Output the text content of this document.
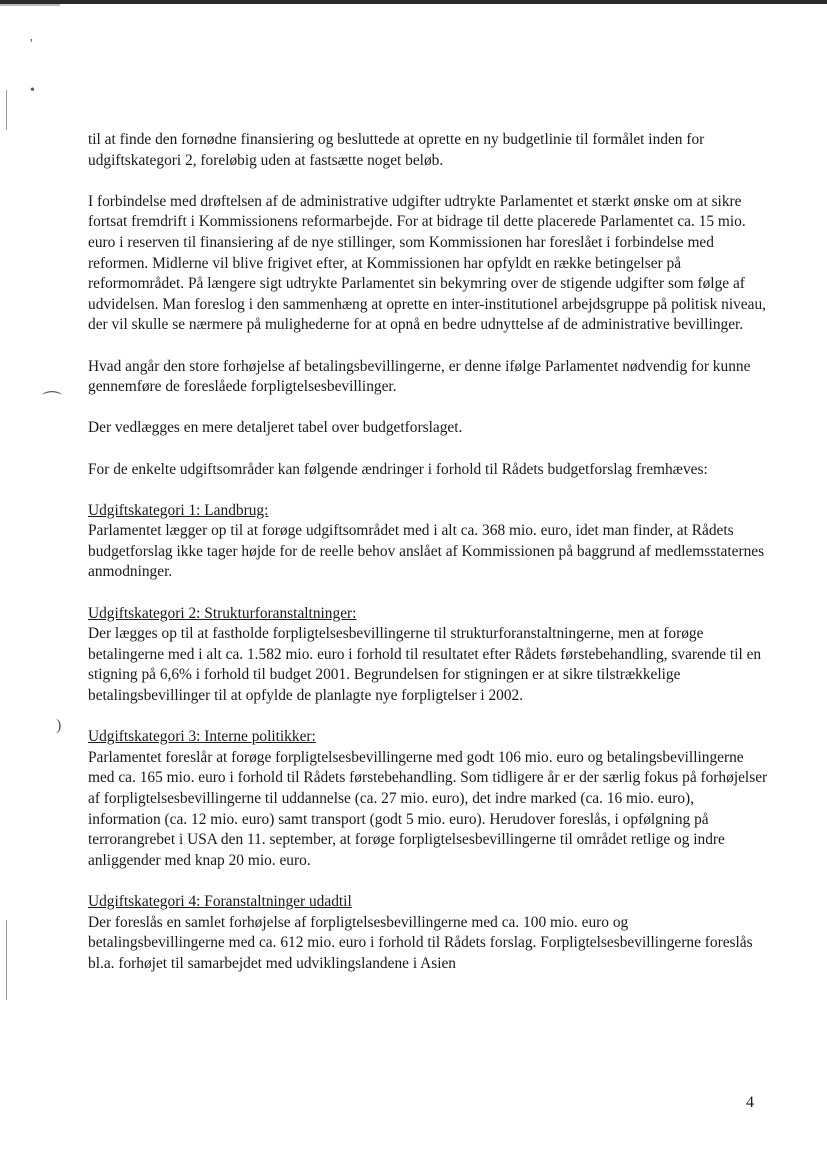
'
•
⌒
)

til at finde den fornødne finansiering og besluttede at oprette en ny budgetlinie til formålet inden for udgiftskategori 2, foreløbig uden at fastsætte noget beløb.

I forbindelse med drøftelsen af de administrative udgifter udtrykte Parlamentet et stærkt ønske om at sikre fortsat fremdrift i Kommissionens reformarbejde. For at bidrage til dette placerede Parlamentet ca. 15 mio. euro i reserven til finansiering af de nye stillinger, som Kommissionen har foreslået i forbindelse med reformen. Midlerne vil blive frigivet efter, at Kommissionen har opfyldt en række betingelser på reformområdet. På længere sigt udtrykte Parlamentet sin bekymring over de stigende udgifter som følge af udvidelsen. Man foreslog i den sammenhæng at oprette en inter-institutionel arbejdsgruppe på politisk niveau, der vil skulle se nærmere på mulighederne for at opnå en bedre udnyttelse af de administrative bevillinger.

Hvad angår den store forhøjelse af betalingsbevillingerne, er denne ifølge Parlamentet nødvendig for kunne gennemføre de foreslåede forpligtelsesbevillinger.

Der vedlægges en mere detaljeret tabel over budgetforslaget.

For de enkelte udgiftsområder kan følgende ændringer i forhold til Rådets budgetforslag fremhæves:

Udgiftskategori 1: Landbrug:
Parlamentet lægger op til at forøge udgiftsområdet med i alt ca. 368 mio. euro, idet man finder, at Rådets budgetforslag ikke tager højde for de reelle behov anslået af Kommissionen på baggrund af medlemsstaternes anmodninger.

Udgiftskategori 2: Strukturforanstaltninger:
Der lægges op til at fastholde forpligtelsesbevillingerne til strukturforanstaltningerne, men at forøge betalingerne med i alt ca. 1.582 mio. euro i forhold til resultatet efter Rådets førstebehandling, svarende til en stigning på 6,6% i forhold til budget 2001. Begrundelsen for stigningen er at sikre tilstrækkelige betalingsbevillinger til at opfylde de planlagte nye forpligtelser i 2002.

Udgiftskategori 3: Interne politikker:
Parlamentet foreslår at forøge forpligtelsesbevillingerne med godt 106 mio. euro og betalingsbevillingerne med ca. 165 mio. euro i forhold til Rådets førstebehandling. Som tidligere år er der særlig fokus på forhøjelser af forpligtelsesbevillingerne til uddannelse (ca. 27 mio. euro), det indre marked (ca. 16 mio. euro), information (ca. 12 mio. euro) samt transport (godt 5 mio. euro). Herudover foreslås, i opfølgning på terrorangrebet i USA den 11. september, at forøge forpligtelsesbevillingerne til området retlige og indre anliggender med knap 20 mio. euro.

Udgiftskategori 4: Foranstaltninger udadtil
Der foreslås en samlet forhøjelse af forpligtelsesbevillingerne med ca. 100 mio. euro og betalingsbevillingerne med ca. 612 mio. euro i forhold til Rådets forslag. Forpligtelsesbevillingerne foreslås bl.a. forhøjet til samarbejdet med udviklingslandene i Asien

4
